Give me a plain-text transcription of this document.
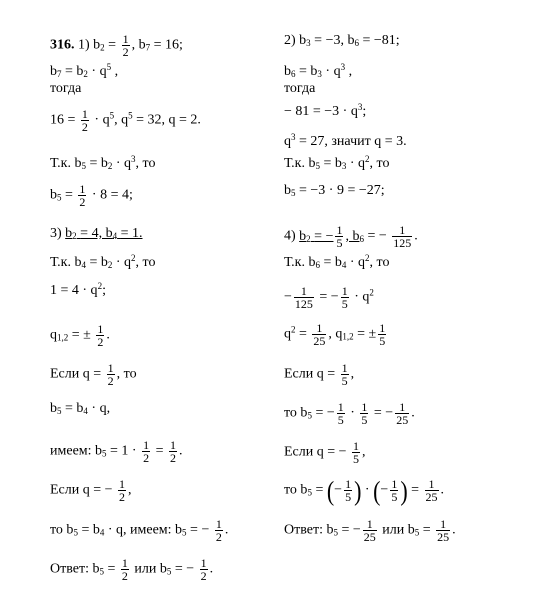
316. 1) $b_2 = \frac{1}{2}$ , $b_7 = 16$;
$b_7 = b_2 \cdot q^5$ ,
тогда
$16 = \frac{1}{2} \cdot q^5$, $q^5 = 32$, q = 2.
Т.к. $b_5 = b_2 \cdot q^3$, то
$b_5 = \frac{1}{2} \cdot 8 = 4$;
3) $b_2 = 4$, $b_4 = 1$.
Т.к. $b_4 = b_2 \cdot q^2$, то
$1 = 4 \cdot q^2$;
$q_{1,2}$ = ± $\frac{1}{2}$ .
Если $q = \frac{1}{2}$ , то
$b_5 = b_4 \cdot q$,
имеем: $b_5 = 1 \cdot \frac{1}{2} = \frac{1}{2}$ .
Если q = − $\frac{1}{2}$ ,
то $b_5 = b_4 \cdot q$, имеем: $b_5$ = − $\frac{1}{2}$ .
Ответ: $b_5 = \frac{1}{2}$ или $b_5$ = − $\frac{1}{2}$ .
2) $b_3 = -3$, $b_6 = -81$;
$b_6 = b_3 \cdot q^3$ ,
тогда
− $81 = -3 \cdot q^3$;
$q^3 = 27$, значит q = 3.
Т.к. $b_5 = b_3 \cdot q^2$, то
$b_5 = -3 \cdot 9 = -27$;
4) $b_2$ = − $\frac{1}{5}$ , $b_6$ = − $\frac{1}{125}$ .
Т.к. $b_6 = b_4 \cdot q^2$, то
− $\frac{1}{125}$ = − $\frac{1}{5} \cdot q^2$
$q^2 = \frac{1}{25}$ , $q_{1,2}$ = ± $\frac{1}{5}$
Если $q = \frac{1}{5}$ ,
то $b_5$ = − $\frac{1}{5} \cdot \frac{1}{5}$ = − $\frac{1}{25}$ .
Если q = − $\frac{1}{5}$ ,
то $b_5$ = (− $\frac{1}{5}$ ) · (− $\frac{1}{5}$ ) = $\frac{1}{25}$ .
Ответ: $b_5$ = − $\frac{1}{25}$ или $b_5 = \frac{1}{25}$ .
